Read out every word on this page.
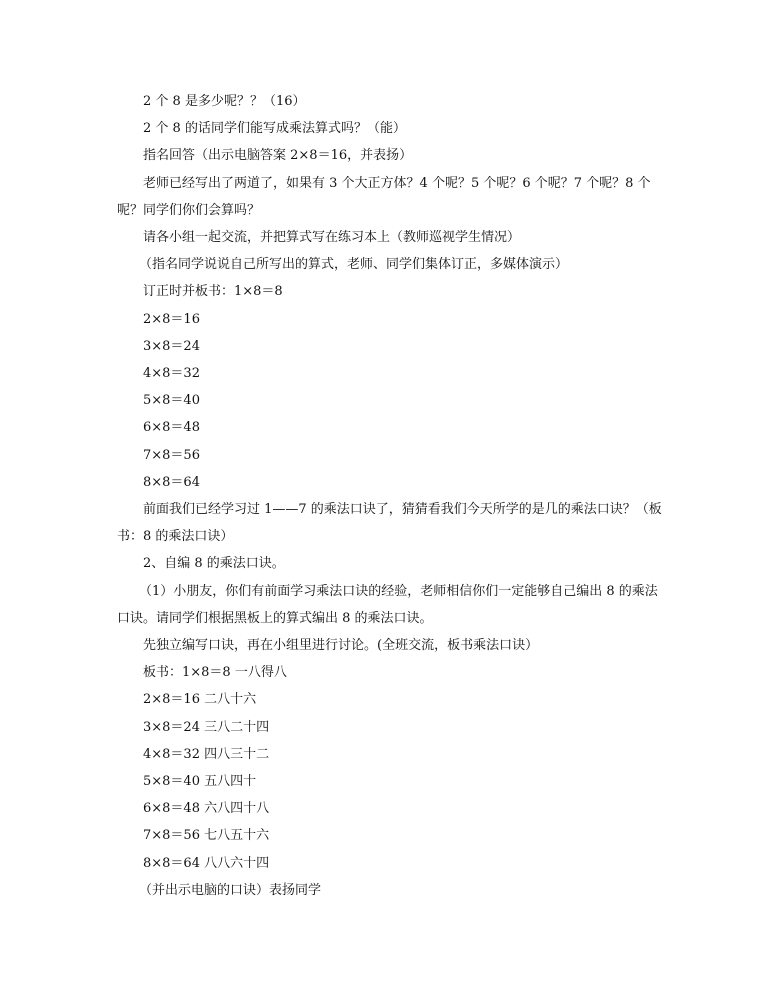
2 个 8 是多少呢？？（16）

2 个 8 的话同学们能写成乘法算式吗？（能）

指名回答（出示电脑答案 2×8＝16，并表扬）

老师已经写出了两道了，如果有 3 个大正方体？4 个呢？5 个呢？6 个呢？7 个呢？8 个呢？同学们你们会算吗？

请各小组一起交流，并把算式写在练习本上（教师巡视学生情况）

（指名同学说说自己所写出的算式，老师、同学们集体订正，多媒体演示）

订正时并板书：1×8＝8

2×8＝16

3×8＝24

4×8＝32

5×8＝40

6×8＝48

7×8＝56

8×8＝64

前面我们已经学习过 1——7 的乘法口诀了，猜猜看我们今天所学的是几的乘法口诀？（板书：8 的乘法口诀）

2、自编 8 的乘法口诀。

（1）小朋友，你们有前面学习乘法口诀的经验，老师相信你们一定能够自己编出 8 的乘法口诀。请同学们根据黑板上的算式编出 8 的乘法口诀。

先独立编写口诀，再在小组里进行讨论。(全班交流，板书乘法口诀）

板书：1×8＝8 一八得八

2×8＝16 二八十六

3×8＝24 三八二十四

4×8＝32 四八三十二

5×8＝40 五八四十

6×8＝48 六八四十八

7×8＝56 七八五十六

8×8＝64 八八六十四

（并出示电脑的口诀）表扬同学
